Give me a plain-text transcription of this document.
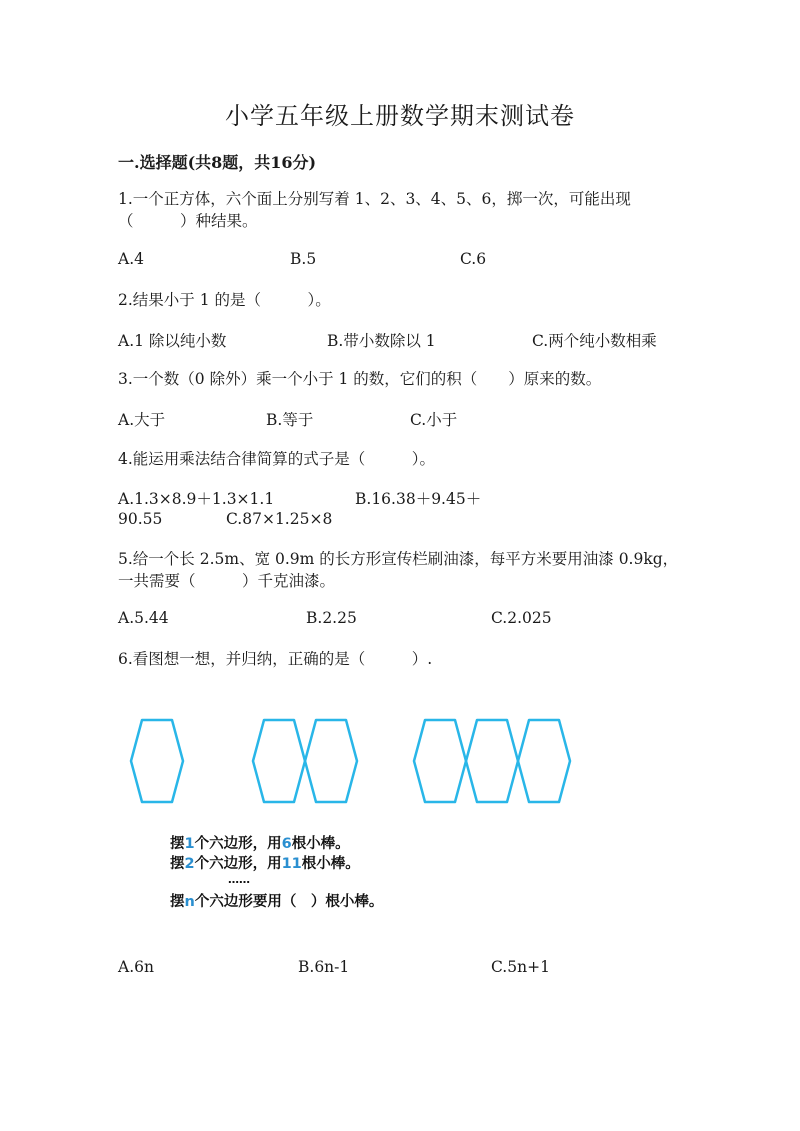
小学五年级上册数学期末测试卷
一.选择题(共8题，共16分)
1.一个正方体，六个面上分别写着 1、2、3、4、5、6，掷一次，可能出现
（　　　）种结果。
A.4	B.5	C.6
2.结果小于 1 的是（　　　）。
A.1 除以纯小数	B.带小数除以 1	C.两个纯小数相乘
3.一个数（0 除外）乘一个小于 1 的数，它们的积（　　）原来的数。
A.大于	B.等于	C.小于
4.能运用乘法结合律简算的式子是（　　　）。
A.1.3×8.9＋1.3×1.1	B.16.38＋9.45＋
90.55	C.87×1.25×8
5.给一个长 2.5m、宽 0.9m 的长方形宣传栏刷油漆，每平方米要用油漆 0.9kg，
一共需要（　　　）千克油漆。
A.5.44	B.2.25	C.2.025
6.看图想一想，并归纳，正确的是（　　　）.
摆1个六边形，用6根小棒。
摆2个六边形，用11根小棒。
……
摆n个六边形要用（　）根小棒。
A.6n	B.6n-1	C.5n+1
